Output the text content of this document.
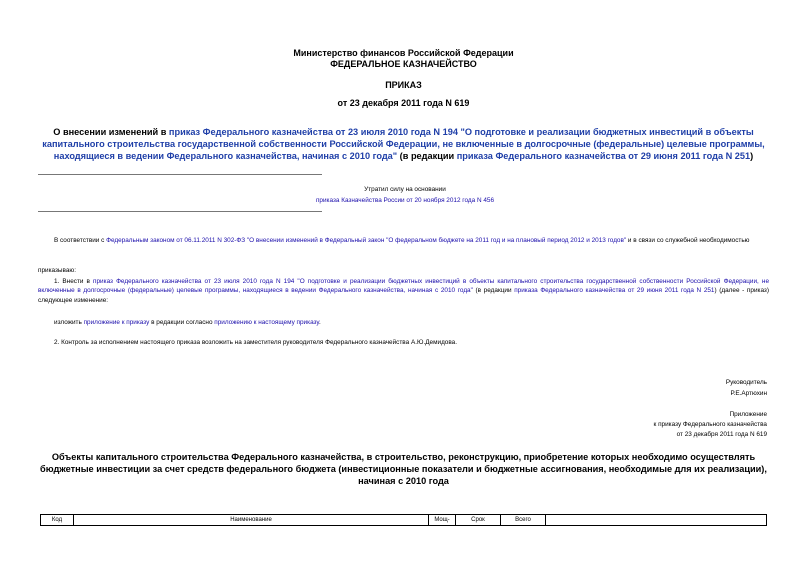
Министерство финансов Российской Федерации
ФЕДЕРАЛЬНОЕ КАЗНАЧЕЙСТВО
ПРИКАЗ
от 23 декабря 2011 года N 619
О внесении изменений в приказ Федерального казначейства от 23 июля 2010 года N 194 "О подготовке и реализации бюджетных инвестиций в объекты капитального строительства государственной собственности Российской Федерации, не включенные в долгосрочные (федеральные) целевые программы, находящиеся в ведении Федерального казначейства, начиная с 2010 года" (в редакции приказа Федерального казначейства от 29 июня 2011 года N 251)
Утратил силу на основании
приказа Казначейства России от 20 ноября 2012 года N 456
В соответствии с Федеральным законом от 06.11.2011 N 302-ФЗ "О внесении изменений в Федеральный закон "О федеральном бюджете на 2011 год и на плановый период 2012 и 2013 годов" и в связи со служебной необходимостью
приказываю:
1. Внести в приказ Федерального казначейства от 23 июля 2010 года N 194 "О подготовке и реализации бюджетных инвестиций в объекты капитального строительства государственной собственности Российской Федерации, не включенные в долгосрочные (федеральные) целевые программы, находящиеся в ведении Федерального казначейства, начиная с 2010 года" (в редакции приказа Федерального казначейства от 29 июня 2011 года N 251) (далее - приказ) следующее изменение:
изложить приложение к приказу в редакции согласно приложению к настоящему приказу.
2. Контроль за исполнением настоящего приказа возложить на заместителя руководителя Федерального казначейства А.Ю.Демидова.
Руководитель
Р.Е.Артюхин
Приложение
к приказу Федерального казначейства
от 23 декабря 2011 года N 619
Объекты капитального строительства Федерального казначейства, в строительство, реконструкцию, приобретение которых необходимо осуществлять бюджетные инвестиции за счет средств федерального бюджета (инвестиционные показатели и бюджетные ассигнования, необходимые для их реализации), начиная с 2010 года
Код	Наименование	Мощ-	Срок	Всего	
